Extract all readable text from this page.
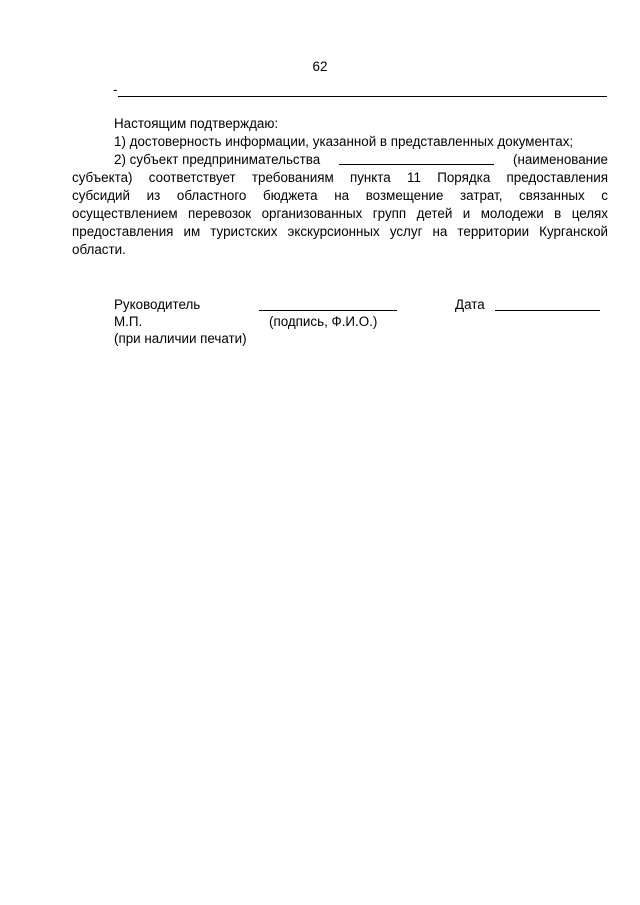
62
-
Настоящим подтверждаю:
1) достоверность информации, указанной в представленных документах;
2) субъект предпринимательства	(наименование
субъекта) соответствует требованиям пункта 11 Порядка предоставления
субсидий из областного бюджета на возмещение затрат, связанных с
осуществлением перевозок организованных групп детей и молодежи в целях
предоставления им туристских экскурсионных услуг на территории Курганской
области.
Руководитель	Дата
М.П.	(подпись, Ф.И.О.)
(при наличии печати)
